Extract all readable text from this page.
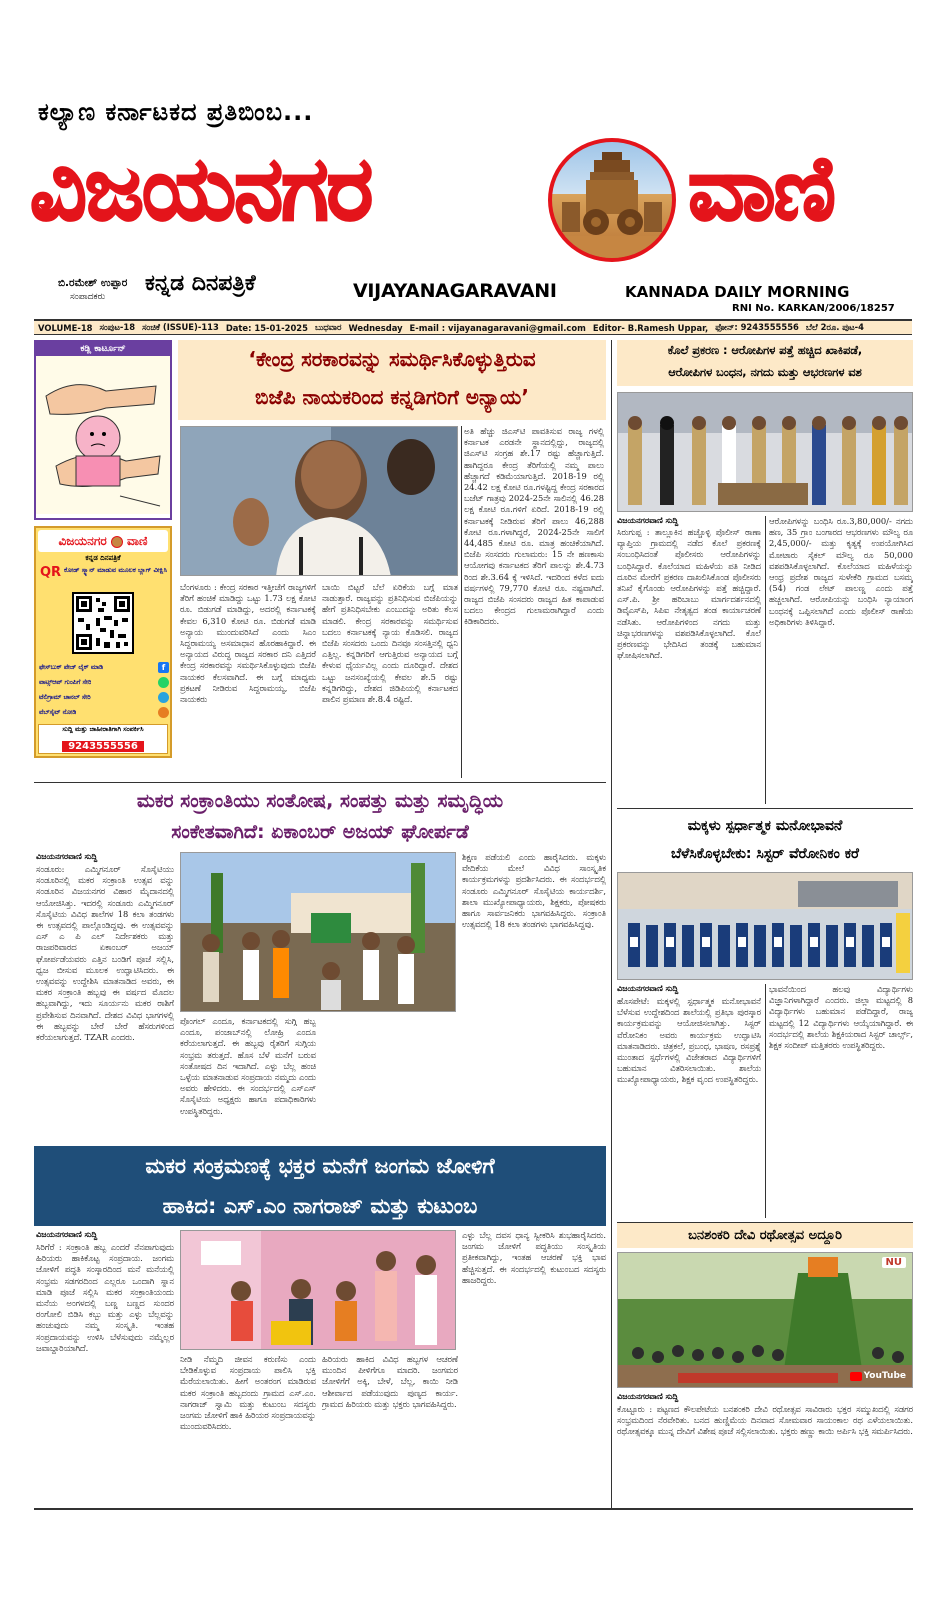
ಕಲ್ಯಾಣ ಕರ್ನಾಟಕದ ಪ್ರತಿಬಿಂಬ...
ವಿಜಯನಗರ	ವಾಣಿ
ಬಿ.ರಮೇಶ್ ಉಪ್ಪಾರ
ಸಂಪಾದಕರು
ಕನ್ನಡ ದಿನಪತ್ರಿಕೆ	VIJAYANAGARAVANI	KANNADA DAILY MORNING
RNI No. KARKAN/2006/18257
VOLUME-18 ಸಂಪುಟ-18 ಸಂಚಿಕೆ (ISSUE)-113 Date: 15-01-2025 ಬುಧವಾರ Wednesday E-mail : vijayanagaravani@gmail.com Editor- B.Ramesh Uppar, ಫೋನ್: 9243555556 ಬೆಲೆ 2ರೂ. ಪುಟ-4
ಕಡ್ಲಿ ಕಾರ್ಟೂನ್
ವಿಜಯನಗರ ವಾಣಿ
ಕನ್ನಡ ದಿನಪತ್ರಿಕೆ
QR ಕೋಡ್ ಸ್ಕ್ಯಾನ್ ಮಾಡುವ ಮೂಲಕ ಬ್ಲಾಗ್ ವೀಕ್ಷಿಸಿ
ಫೇಸ್‌ಬುಕ್ ಪೇಜ್ ಲೈಕ್ ಮಾಡಿ	f
ವಾಟ್ಸ್ಆಪ್ ಗುಂಪಿಗೆ ಸೇರಿ
ಟೆಲಿಗ್ರಾಮ್ ಚಾನಲ್ ಸೇರಿ
ವೆಬ್‌ಸೈಟ್ ನೋಡಿ
ಸುದ್ದಿ ಮತ್ತು ಜಾಹೀರಾತಿಗಾಗಿ ಸಂಪರ್ಕಿಸಿ
9243555556
‘ಕೇಂದ್ರ ಸರಕಾರವನ್ನು ಸಮರ್ಥಿಸಿಕೊಳ್ಳುತ್ತಿರುವ
ಬಿಜೆಪಿ ನಾಯಕರಿಂದ ಕನ್ನಡಿಗರಿಗೆ ಅನ್ಯಾಯ’
ಅತಿ ಹೆಚ್ಚು ಜಿಎಸ್‌ಟಿ ಪಾವತಿಸುವ ರಾಜ್ಯ ಗಳಲ್ಲಿ ಕರ್ನಾಟಕ ಎರಡನೇ ಸ್ಥಾನದಲ್ಲಿದ್ದು, ರಾಜ್ಯದಲ್ಲಿ ಜಿಎಸ್‌ಟಿ ಸಂಗ್ರಹ ಶೇ.17 ರಷ್ಟು ಹೆಚ್ಚಾಗುತ್ತಿದೆ. ಹಾಗಿದ್ದರೂ ಕೇಂದ್ರ ತೆರಿಗೆಯಲ್ಲಿ ನಮ್ಮ ಪಾಲು ಹೆಚ್ಚಾಗದೆ ಕಡಿಮೆಯಾಗುತ್ತಿದೆ. 2018-19 ರಲ್ಲಿ 24.42 ಲಕ್ಷ ಕೋಟಿ ರೂ.ಗಳಷ್ಟಿದ್ದ ಕೇಂದ್ರ ಸರಕಾರದ ಬಜೆಟ್ ಗಾತ್ರವು 2024-25ನೇ ಸಾಲಿನಲ್ಲಿ 46.28 ಲಕ್ಷ ಕೋಟಿ ರೂ.ಗಳಿಗೆ ಏರಿದೆ. 2018-19 ರಲ್ಲಿ ಕರ್ನಾಟಕಕ್ಕೆ ನೀಡಿರುವ ತೆರಿಗೆ ಪಾಲು 46,288 ಕೋಟಿ ರೂ.ಗಳಾಗಿದ್ದರೆ, 2024-25ನೇ ಸಾಲಿಗೆ 44,485 ಕೋಟಿ ರೂ. ಮಾತ್ರ ಹಂಚಿಕೆಯಾಗಿದೆ. ಬಿಜೆಪಿ ಸಂಸದರು ಗುಲಾಮರು: 15 ನೇ ಹಣಕಾಸು ಆಯೋಗವು ಕರ್ನಾಟಕದ ತೆರಿಗೆ ಪಾಲನ್ನು ಶೇ.4.73 ರಿಂದ ಶೇ.3.64 ಕ್ಕೆ ಇಳಿಸಿದೆ. ಇದರಿಂದ ಕಳೆದ ಐದು ವರ್ಷಗಳಲ್ಲಿ 79,770 ಕೋಟಿ ರೂ. ನಷ್ಟವಾಗಿದೆ. ರಾಜ್ಯದ ಬಿಜೆಪಿ ಸಂಸದರು ರಾಜ್ಯದ ಹಿತ ಕಾಪಾಡುವ ಬದಲು ಕೇಂದ್ರದ ಗುಲಾಮರಾಗಿದ್ದಾರೆ ಎಂದು ಕಿಡಿಕಾರಿದರು.
ಬೆಂಗಳೂರು : ಕೇಂದ್ರ ಸರಕಾರ ಇತ್ತೀಚೆಗೆ ರಾಜ್ಯಗಳಿಗೆ ತೆರಿಗೆ ಹಂಚಿಕೆ ಮಾಡಿದ್ದು ಒಟ್ಟು 1.73 ಲಕ್ಷ ಕೋಟಿ ರೂ. ಬಿಡುಗಡೆ ಮಾಡಿದ್ದು, ಅದರಲ್ಲಿ ಕರ್ನಾಟಕಕ್ಕೆ ಕೇವಲ 6,310 ಕೋಟಿ ರೂ. ಬಿಡುಗಡೆ ಮಾಡಿ ಅನ್ಯಾಯ ಮುಂದುವರಿಸಿದೆ ಎಂದು ಸಿಎಂ ಸಿದ್ದರಾಮಯ್ಯ ಅಸಮಾಧಾನ ಹೊರಹಾಕಿದ್ದಾರೆ. ಈ ಅನ್ಯಾಯದ ವಿರುದ್ಧ ರಾಜ್ಯದ ಸರಕಾರ ದನಿ ಎತ್ತಿದರೆ ಕೇಂದ್ರ ಸರಕಾರವನ್ನು ಸಮರ್ಥಿಸಿಕೊಳ್ಳುವುದು ಬಿಜೆಪಿ ನಾಯಕರ ಕೆಲಸವಾಗಿದೆ. ಈ ಬಗ್ಗೆ ಮಾಧ್ಯಮ ಪ್ರಕಟಣೆ ನೀಡಿರುವ ಸಿದ್ದರಾಮಯ್ಯ, ಬಿಜೆಪಿ ನಾಯಕರು
ಬಾಯಿ ಬಿಟ್ಟರೆ ಬೆಲೆ ಏರಿಕೆಯ ಬಗ್ಗೆ ಮಾತ ನಾಡುತ್ತಾರೆ. ರಾಜ್ಯವನ್ನು ಪ್ರತಿನಿಧಿಸುವ ಬಿಜೆಪಿಯನ್ನು ಹೇಗೆ ಪ್ರತಿನಿಧಿಸಬೇಕು ಎಂಬುದನ್ನು ಅರಿತು ಕೆಲಸ ಮಾಡಲಿ. ಕೇಂದ್ರ ಸರಕಾರವನ್ನು ಸಮರ್ಥಿಸುವ ಬದಲು ಕರ್ನಾಟಕಕ್ಕೆ ನ್ಯಾಯ ಕೊಡಿಸಲಿ. ರಾಜ್ಯದ ಬಿಜೆಪಿ ಸಂಸದರು ಒಂದು ದಿನವೂ ಸಂಸತ್ತಿನಲ್ಲಿ ಧ್ವನಿ ಎತ್ತಿಲ್ಲ. ಕನ್ನಡಿಗರಿಗೆ ಆಗುತ್ತಿರುವ ಅನ್ಯಾಯದ ಬಗ್ಗೆ ಕೇಳುವ ಧೈರ್ಯವಿಲ್ಲ ಎಂದು ದೂರಿದ್ದಾರೆ. ದೇಶದ ಒಟ್ಟು ಜನಸಂಖ್ಯೆಯಲ್ಲಿ ಕೇವಲ ಶೇ.5 ರಷ್ಟು ಕನ್ನಡಿಗರಿದ್ದು, ದೇಶದ ಜಿಡಿಪಿಯಲ್ಲಿ ಕರ್ನಾಟಕದ ಪಾಲಿನ ಪ್ರಮಾಣ ಶೇ.8.4 ರಷ್ಟಿದೆ.
ಕೊಲೆ ಪ್ರಕರಣ : ಆರೋಪಿಗಳ ಪತ್ತೆ ಹಚ್ಚಿದ ಖಾಕಿಪಡೆ,
ಆರೋಪಿಗಳ ಬಂಧನ, ನಗದು ಮತ್ತು ಆಭರಣಗಳ ವಶ
ವಿಜಯನಗರವಾಣಿ ಸುದ್ದಿ
ಸಿರುಗುಪ್ಪ : ತಾಲ್ಲೂಕಿನ ಹಚ್ಚೊಳ್ಳಿ ಪೊಲೀಸ್ ಠಾಣಾ ವ್ಯಾಪ್ತಿಯ ಗ್ರಾಮದಲ್ಲಿ ನಡೆದ ಕೊಲೆ ಪ್ರಕರಣಕ್ಕೆ ಸಂಬಂಧಿಸಿದಂತೆ ಪೊಲೀಸರು ಆರೋಪಿಗಳನ್ನು ಬಂಧಿಸಿದ್ದಾರೆ. ಕೊಲೆಯಾದ ಮಹಿಳೆಯ ಪತಿ ನೀಡಿದ ದೂರಿನ ಮೇರೆಗೆ ಪ್ರಕರಣ ದಾಖಲಿಸಿಕೊಂಡ ಪೊಲೀಸರು ತನಿಖೆ ಕೈಗೊಂಡು ಆರೋಪಿಗಳನ್ನು ಪತ್ತೆ ಹಚ್ಚಿದ್ದಾರೆ. ಎಸ್.ಪಿ. ಶ್ರೀ ಹರಿಬಾಬು ಮಾರ್ಗದರ್ಶನದಲ್ಲಿ ಡಿವೈಎಸ್‌ಪಿ, ಸಿಪಿಐ ನೇತೃತ್ವದ ತಂಡ ಕಾರ್ಯಾಚರಣೆ ನಡೆಸಿತು. ಆರೋಪಿಗಳಿಂದ ನಗದು ಮತ್ತು ಚಿನ್ನಾಭರಣಗಳನ್ನು ವಶಪಡಿಸಿಕೊಳ್ಳಲಾಗಿದೆ. ಕೊಲೆ ಪ್ರಕರಣವನ್ನು ಭೇದಿಸಿದ ತಂಡಕ್ಕೆ ಬಹುಮಾನ ಘೋಷಿಸಲಾಗಿದೆ.
ಆರೋಪಿಗಳನ್ನು ಬಂಧಿಸಿ ರೂ.3,80,000/- ನಗದು ಹಣ, 35 ಗ್ರಾಂ ಬಂಗಾರದ ಆಭರಣಗಳು ಮೌಲ್ಯ ರೂ 2,45,000/- ಮತ್ತು ಕೃತ್ಯಕ್ಕೆ ಉಪಯೋಗಿಸಿದ ಮೋಟಾರು ಸೈಕಲ್ ಮೌಲ್ಯ ರೂ 50,000 ವಶಪಡಿಸಿಕೊಳ್ಳಲಾಗಿದೆ. ಕೊಲೆಯಾದ ಮಹಿಳೆಯನ್ನು ಆಂಧ್ರ ಪ್ರದೇಶ ರಾಜ್ಯದ ಸುಳೇಕೆರಿ ಗ್ರಾಮದ ಬಸಮ್ಮ (54) ಗಂಡ ಲೇಟ್ ಪಾಲಣ್ಣ ಎಂದು ಪತ್ತೆ ಹಚ್ಚಲಾಗಿದೆ. ಆರೋಪಿಯನ್ನು ಬಂಧಿಸಿ ನ್ಯಾಯಾಂಗ ಬಂಧನಕ್ಕೆ ಒಪ್ಪಿಸಲಾಗಿದೆ ಎಂದು ಪೊಲೀಸ್ ಠಾಣೆಯ ಅಧಿಕಾರಿಗಳು ತಿಳಿಸಿದ್ದಾರೆ.
ಮಕರ ಸಂಕ್ರಾಂತಿಯು ಸಂತೋಷ, ಸಂಪತ್ತು ಮತ್ತು ಸಮೃದ್ಧಿಯ
ಸಂಕೇತವಾಗಿದೆ: ಏಕಾಂಬರ್ ಅಜಯ್ ಘೋರ್ಪಡೆ
ವಿಜಯನಗರವಾಣಿ ಸುದ್ದಿ
ಸಂಡೂರು: ಎಮ್ಮಿಗನೂರ್ ಸೊಸೈಟಿಯು ಸಂಡೂರಿನಲ್ಲಿ ಮಕರ ಸಂಕ್ರಾಂತಿ ಉತ್ಸವ ವನ್ನು ಸಂಡೂರಿನ ವಿಜಯನಗರ ವಿಹಾರ ಮೈದಾನದಲ್ಲಿ ಆಯೋಜಿಸಿತ್ತು. ಇದರಲ್ಲಿ ಸಂಡೂರು ಎಮ್ಮಿಗನೂರ್ ಸೊಸೈಟಿಯ ವಿವಿಧ ಶಾಲೆಗಳ 18 ಕಲಾ ತಂಡಗಳು ಈ ಉತ್ಸವದಲ್ಲಿ ಪಾಲ್ಗೊಂಡಿದ್ದವು. ಈ ಉತ್ಸವವನ್ನು ಎಸ್ ಎ ಪಿ ಎಲ್ ನಿರ್ದೇಶಕರು ಮತ್ತು ರಾಜಪರಿವಾರದ ಏಕಾಂಬರ್ ಅಜಯ್ ಘೋರ್ಪಡೆಯವರು ಎತ್ತಿನ ಬಂಡಿಗೆ ಪೂಜೆ ಸಲ್ಲಿಸಿ, ಧ್ವಜ ಬೀಸುವ ಮೂಲಕ ಉದ್ಘಾಟಿಸಿದರು. ಈ ಉತ್ಸವವನ್ನು ಉದ್ದೇಶಿಸಿ ಮಾತನಾಡಿದ ಅವರು, ಈ ಮಕರ ಸಂಕ್ರಾಂತಿ ಹಬ್ಬವು ಈ ವರ್ಷದ ಮೊದಲ ಹಬ್ಬವಾಗಿದ್ದು, ಇದು ಸೂರ್ಯನು ಮಕರ ರಾಶಿಗೆ ಪ್ರವೇಶಿಸುವ ದಿನವಾಗಿದೆ. ದೇಶದ ವಿವಿಧ ಭಾಗಗಳಲ್ಲಿ ಈ ಹಬ್ಬವನ್ನು ಬೇರೆ ಬೇರೆ ಹೆಸರುಗಳಿಂದ ಕರೆಯಲಾಗುತ್ತದೆ. TZAR ಎಂದರು.
ಪೊಂಗಲ್ ಎಂದೂ, ಕರ್ನಾಟಕದಲ್ಲಿ ಸುಗ್ಗಿ ಹಬ್ಬ ಎಂದೂ, ಪಂಜಾಬ್‌ನಲ್ಲಿ ಲೋಹ್ರಿ ಎಂದೂ ಕರೆಯಲಾಗುತ್ತದೆ. ಈ ಹಬ್ಬವು ರೈತರಿಗೆ ಸುಗ್ಗಿಯ ಸಂಭ್ರಮ ತರುತ್ತದೆ. ಹೊಸ ಬೆಳೆ ಮನೆಗೆ ಬರುವ ಸಂತೋಷದ ದಿನ ಇದಾಗಿದೆ. ಎಳ್ಳು ಬೆಲ್ಲ ಹಂಚಿ ಒಳ್ಳೆಯ ಮಾತನಾಡುವ ಸಂಪ್ರದಾಯ ನಮ್ಮದು ಎಂದು ಅವರು ಹೇಳಿದರು. ಈ ಸಂದರ್ಭದಲ್ಲಿ ಎಸ್‌ಎಸ್ ಸೊಸೈಟಿಯ ಅಧ್ಯಕ್ಷರು ಹಾಗೂ ಪದಾಧಿಕಾರಿಗಳು ಉಪಸ್ಥಿತರಿದ್ದರು.
ಶಿಕ್ಷಣ ಪಡೆಯಲಿ ಎಂದು ಹಾರೈಸಿದರು. ಮಕ್ಕಳು ವೇದಿಕೆಯ ಮೇಲೆ ವಿವಿಧ ಸಾಂಸ್ಕೃತಿಕ ಕಾರ್ಯಕ್ರಮಗಳನ್ನು ಪ್ರದರ್ಶಿಸಿದರು. ಈ ಸಂದರ್ಭದಲ್ಲಿ ಸಂಡೂರು ಎಮ್ಮಿಗನೂರ್ ಸೊಸೈಟಿಯ ಕಾರ್ಯದರ್ಶಿ, ಶಾಲಾ ಮುಖ್ಯೋಪಾಧ್ಯಾಯರು, ಶಿಕ್ಷಕರು, ಪೋಷಕರು ಹಾಗೂ ಸಾರ್ವಜನಿಕರು ಭಾಗವಹಿಸಿದ್ದರು. ಸಂಕ್ರಾಂತಿ ಉತ್ಸವದಲ್ಲಿ 18 ಕಲಾ ತಂಡಗಳು ಭಾಗವಹಿಸಿದ್ದವು.
ಮಕ್ಕಳು ಸ್ಪರ್ಧಾತ್ಮಕ ಮನೋಭಾವನೆ
ಬೆಳೆಸಿಕೊಳ್ಳಬೇಕು: ಸಿಸ್ಟರ್ ವೆರೋನಿಕಂ ಕರೆ
ವಿಜಯನಗರವಾಣಿ ಸುದ್ದಿ
ಹೊಸಪೇಟೆ: ಮಕ್ಕಳಲ್ಲಿ ಸ್ಪರ್ಧಾತ್ಮಕ ಮನೋಭಾವನೆ ಬೆಳೆಸುವ ಉದ್ದೇಶದಿಂದ ಶಾಲೆಯಲ್ಲಿ ಪ್ರತಿಭಾ ಪುರಸ್ಕಾರ ಕಾರ್ಯಕ್ರಮವನ್ನು ಆಯೋಜಿಸಲಾಗಿತ್ತು. ಸಿಸ್ಟರ್ ವೆರೋನಿಕಂ ಅವರು ಕಾರ್ಯಕ್ರಮ ಉದ್ಘಾಟಿಸಿ ಮಾತನಾಡಿದರು. ಚಿತ್ರಕಲೆ, ಪ್ರಬಂಧ, ಭಾಷಣ, ರಸಪ್ರಶ್ನೆ ಮುಂತಾದ ಸ್ಪರ್ಧೆಗಳಲ್ಲಿ ವಿಜೇತರಾದ ವಿದ್ಯಾರ್ಥಿಗಳಿಗೆ ಬಹುಮಾನ ವಿತರಿಸಲಾಯಿತು. ಶಾಲೆಯ ಮುಖ್ಯೋಪಾಧ್ಯಾಯರು, ಶಿಕ್ಷಕ ವೃಂದ ಉಪಸ್ಥಿತರಿದ್ದರು.
ಭಾವನೆಯಿಂದ ಹಲವು ವಿದ್ಯಾರ್ಥಿಗಳು ವಿಜ್ಞಾನಿಗಳಾಗಿದ್ದಾರೆ ಎಂದರು. ಜಿಲ್ಲಾ ಮಟ್ಟದಲ್ಲಿ 8 ವಿದ್ಯಾರ್ಥಿಗಳು ಬಹುಮಾನ ಪಡೆದಿದ್ದಾರೆ, ರಾಜ್ಯ ಮಟ್ಟದಲ್ಲಿ 12 ವಿದ್ಯಾರ್ಥಿಗಳು ಆಯ್ಕೆಯಾಗಿದ್ದಾರೆ. ಈ ಸಂದರ್ಭದಲ್ಲಿ ಶಾಲೆಯ ಶಿಕ್ಷಕಿಯರಾದ ಸಿಸ್ಟರ್ ಚಾರ್ಲ್ಸ್, ಶಿಕ್ಷಕ ಸಂದೀಪ್ ಮತ್ತಿತರರು ಉಪಸ್ಥಿತರಿದ್ದರು.
ಮಕರ ಸಂಕ್ರಮಣಕ್ಕೆ ಭಕ್ತರ ಮನೆಗೆ ಜಂಗಮ ಜೋಳಿಗೆ
ಹಾಕಿದ: ಎಸ್.ಎಂ ನಾಗರಾಜ್ ಮತ್ತು ಕುಟುಂಬ
ವಿಜಯನಗರವಾಣಿ ಸುದ್ದಿ
ಸಿರಿಗೆರೆ : ಸಂಕ್ರಾಂತಿ ಹಬ್ಬ ಎಂದರೆ ನೆನಪಾಗುವುದು ಹಿರಿಯರು ಹಾಕಿಕೊಟ್ಟ ಸಂಪ್ರದಾಯ. ಜಂಗಮ ಜೋಳಿಗೆ ಪದ್ಧತಿ ಸಂಸ್ಕಾರದಿಂದ ಮನೆ ಮನೆಯಲ್ಲಿ ಸಂಭ್ರಮ ಸಡಗರದಿಂದ ಎಲ್ಲರೂ ಒಂದಾಗಿ ಸ್ನಾನ ಮಾಡಿ ಪೂಜೆ ಸಲ್ಲಿಸಿ ಮಕರ ಸಂಕ್ರಾಂತಿಯಂದು ಮನೆಯ ಅಂಗಳದಲ್ಲಿ ಬಣ್ಣ ಬಣ್ಣದ ಸುಂದರ ರಂಗೋಲಿ ಬಿಡಿಸಿ ಕಬ್ಬು ಮತ್ತು ಎಳ್ಳು ಬೆಲ್ಲವನ್ನು ಹಂಚುವುದು ನಮ್ಮ ಸಂಸ್ಕೃತಿ. ಇಂತಹ ಸಂಪ್ರದಾಯವನ್ನು ಉಳಿಸಿ ಬೆಳೆಸುವುದು ನಮ್ಮೆಲ್ಲರ ಜವಾಬ್ದಾರಿಯಾಗಿದೆ.
ನೀಡಿ ನೆಮ್ಮದಿ ಜೀವನ ಕರುಣಿಸು ಎಂದು ಬೇಡಿಕೊಳ್ಳುವ ಸಂಪ್ರದಾಯ ಪಾಲಿಸಿ ಭಕ್ತಿ ಮೆರೆಯಲಾಯಿತು. ಹೀಗೆ ಅಂತರಂಗ ಮಾಡಿರುವ ಮಕರ ಸಂಕ್ರಾಂತಿ ಹಬ್ಬದಂದು ಗ್ರಾಮದ ಎಸ್.ಎಂ. ನಾಗರಾಜ್ ಸ್ವಾಮಿ ಮತ್ತು ಕುಟುಂಬ ಸದಸ್ಯರು ಜಂಗಮ ಜೋಳಿಗೆ ಹಾಕಿ ಹಿರಿಯರ ಸಂಪ್ರದಾಯವನ್ನು ಮುಂದುವರಿಸಿದರು.
ಹಿರಿಯರು ಹಾಕಿದ ವಿವಿಧ ಹಬ್ಬಗಳ ಆಚರಣೆ ಮುಂದಿನ ಪೀಳಿಗೆಗೂ ಮಾದರಿ. ಜಂಗಮರ ಜೋಳಿಗೆಗೆ ಅಕ್ಕಿ, ಬೇಳೆ, ಬೆಲ್ಲ, ಕಾಯಿ ನೀಡಿ ಆಶೀರ್ವಾದ ಪಡೆಯುವುದು ಪುಣ್ಯದ ಕಾರ್ಯ. ಗ್ರಾಮದ ಹಿರಿಯರು ಮತ್ತು ಭಕ್ತರು ಭಾಗವಹಿಸಿದ್ದರು.
ಎಳ್ಳು ಬೆಲ್ಲ ದವಸ ಧಾನ್ಯ ಸ್ವೀಕರಿಸಿ ಶುಭಹಾರೈಸಿದರು. ಜಂಗಮ ಜೋಳಿಗೆ ಪದ್ಧತಿಯು ಸಂಸ್ಕೃತಿಯ ಪ್ರತೀಕವಾಗಿದ್ದು, ಇಂತಹ ಆಚರಣೆ ಭಕ್ತಿ ಭಾವ ಹೆಚ್ಚಿಸುತ್ತದೆ. ಈ ಸಂದರ್ಭದಲ್ಲಿ ಕುಟುಂಬದ ಸದಸ್ಯರು ಹಾಜರಿದ್ದರು.
ಬನಶಂಕರಿ ದೇವಿ ರಥೋತ್ಸವ ಅದ್ದೂರಿ
NU
YouTube
ವಿಜಯನಗರವಾಣಿ ಸುದ್ದಿ
ಕೊಟ್ಟೂರು : ಪಟ್ಟಣದ ಕೌಲಪೇಟೆಯ ಬನಶಂಕರಿ ದೇವಿ ರಥೋತ್ಸವ ಸಾವಿರಾರು ಭಕ್ತರ ಸಮ್ಮುಖದಲ್ಲಿ ಸಡಗರ ಸಂಭ್ರಮದಿಂದ ನೆರವೇರಿತು. ಬನದ ಹುಣ್ಣಿಮೆಯ ದಿನವಾದ ಸೋಮವಾರ ಸಾಯಂಕಾಲ ರಥ ಎಳೆಯಲಾಯಿತು. ರಥೋತ್ಸವಕ್ಕೂ ಮುನ್ನ ದೇವಿಗೆ ವಿಶೇಷ ಪೂಜೆ ಸಲ್ಲಿಸಲಾಯಿತು. ಭಕ್ತರು ಹಣ್ಣು ಕಾಯಿ ಅರ್ಪಿಸಿ ಭಕ್ತಿ ಸಮರ್ಪಿಸಿದರು.
